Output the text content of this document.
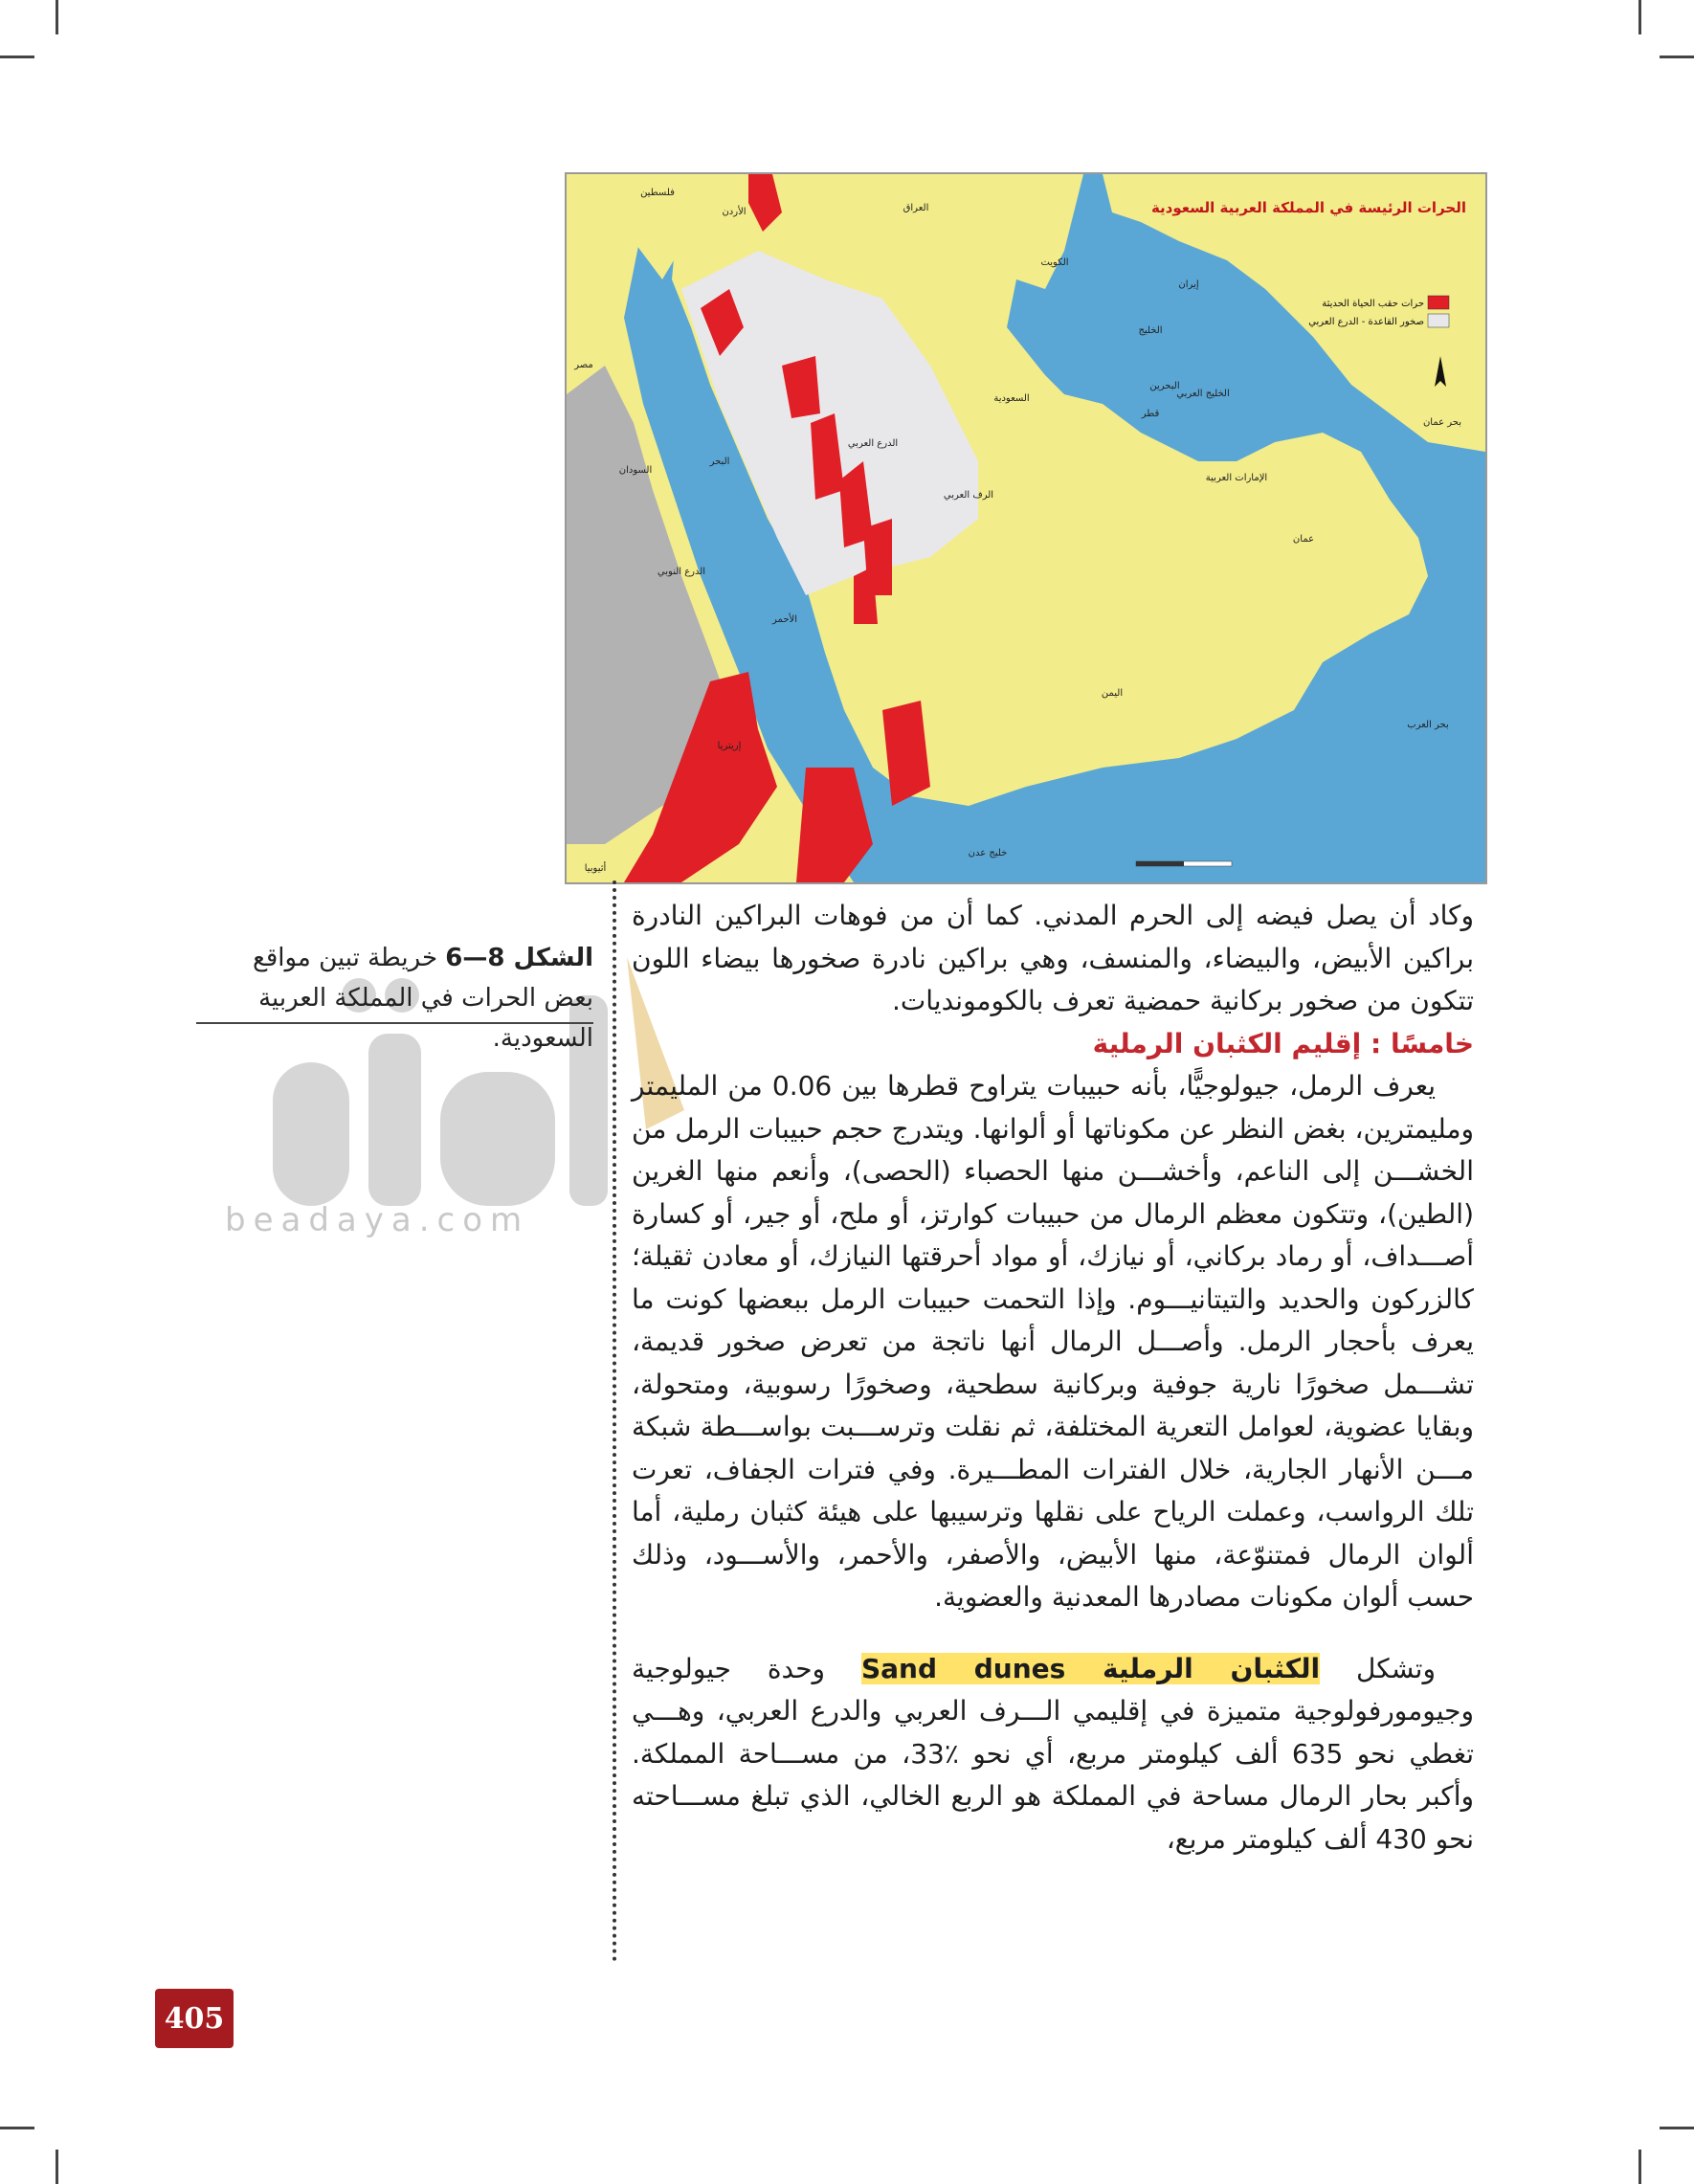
الحرات الرئيسة في المملكة العربية السعودية
حرات حقب الحياة الحديثة
صخور القاعدة - الدرع العربي
فلسطين
الأردن	العراق
الكويت
إيران
الخليج
البحرين
قطر
الخليج العربي
بحر عمان
الإمارات العربية
السعودية
الدرع العربي
الرف العربي
عمان
مصر
السودان
البحر
الأحمر
اليمن
بحر العرب
خليج عدن
إريتريا
أثيوبيا
الدرع النوبي
beadaya.com
الشكل 8—6 خريطة تبين مواقع بعض الحرات في المملكة العربية السعودية.

وكاد أن يصل فيضه إلى الحرم المدني. كما أن من فوهات البراكين النادرة براكين الأبيض، والبيضاء، والمنسف، وهي براكين نادرة صخورها بيضاء اللون تتكون من صخور بركانية حمضية تعرف بالكومونديات.

خامسًا : إقليم الكثبان الرملية

يعرف الرمل، جيولوجيًّا، بأنه حبيبات يتراوح قطرها بين 0.06 من المليمتر ومليمترين، بغض النظر عن مكوناتها أو ألوانها. ويتدرج حجم حبيبات الرمل من الخشـــن إلى الناعم، وأخشـــن منها الحصباء (الحصى)، وأنعم منها الغرين (الطين)، وتتكون معظم الرمال من حبيبات كوارتز، أو ملح، أو جير، أو كسارة أصـــداف، أو رماد بركاني، أو نيازك، أو مواد أحرقتها النيازك، أو معادن ثقيلة؛ كالزركون والحديد والتيتانيـــوم. وإذا التحمت حبيبات الرمل ببعضها كونت ما يعرف بأحجار الرمل. وأصـــل الرمال أنها ناتجة من تعرض صخور قديمة، تشـــمل صخورًا نارية جوفية وبركانية سطحية، وصخورًا رسوبية، ومتحولة، وبقايا عضوية، لعوامل التعرية المختلفة، ثم نقلت وترســـبت بواســـطة شبكة مـــن الأنهار الجارية، خلال الفترات المطـــيرة. وفي فترات الجفاف، تعرت تلك الرواسب، وعملت الرياح على نقلها وترسيبها على هيئة كثبان رملية، أما ألوان الرمال فمتنوّعة، منها الأبيض، والأصفر، والأحمر، والأســـود، وذلك حسب ألوان مكونات مصادرها المعدنية والعضوية.

وتشكل الكثبان الرملية Sand dunes وحدة جيولوجية وجيومورفولوجية متميزة في إقليمي الـــرف العربي والدرع العربي، وهـــي تغطي نحو 635 ألف كيلومتر مربع، أي نحو ٪33، من مســـاحة المملكة. وأكبر بحار الرمال مساحة في المملكة هو الربع الخالي، الذي تبلغ مســـاحته نحو 430 ألف كيلومتر مربع،

405
